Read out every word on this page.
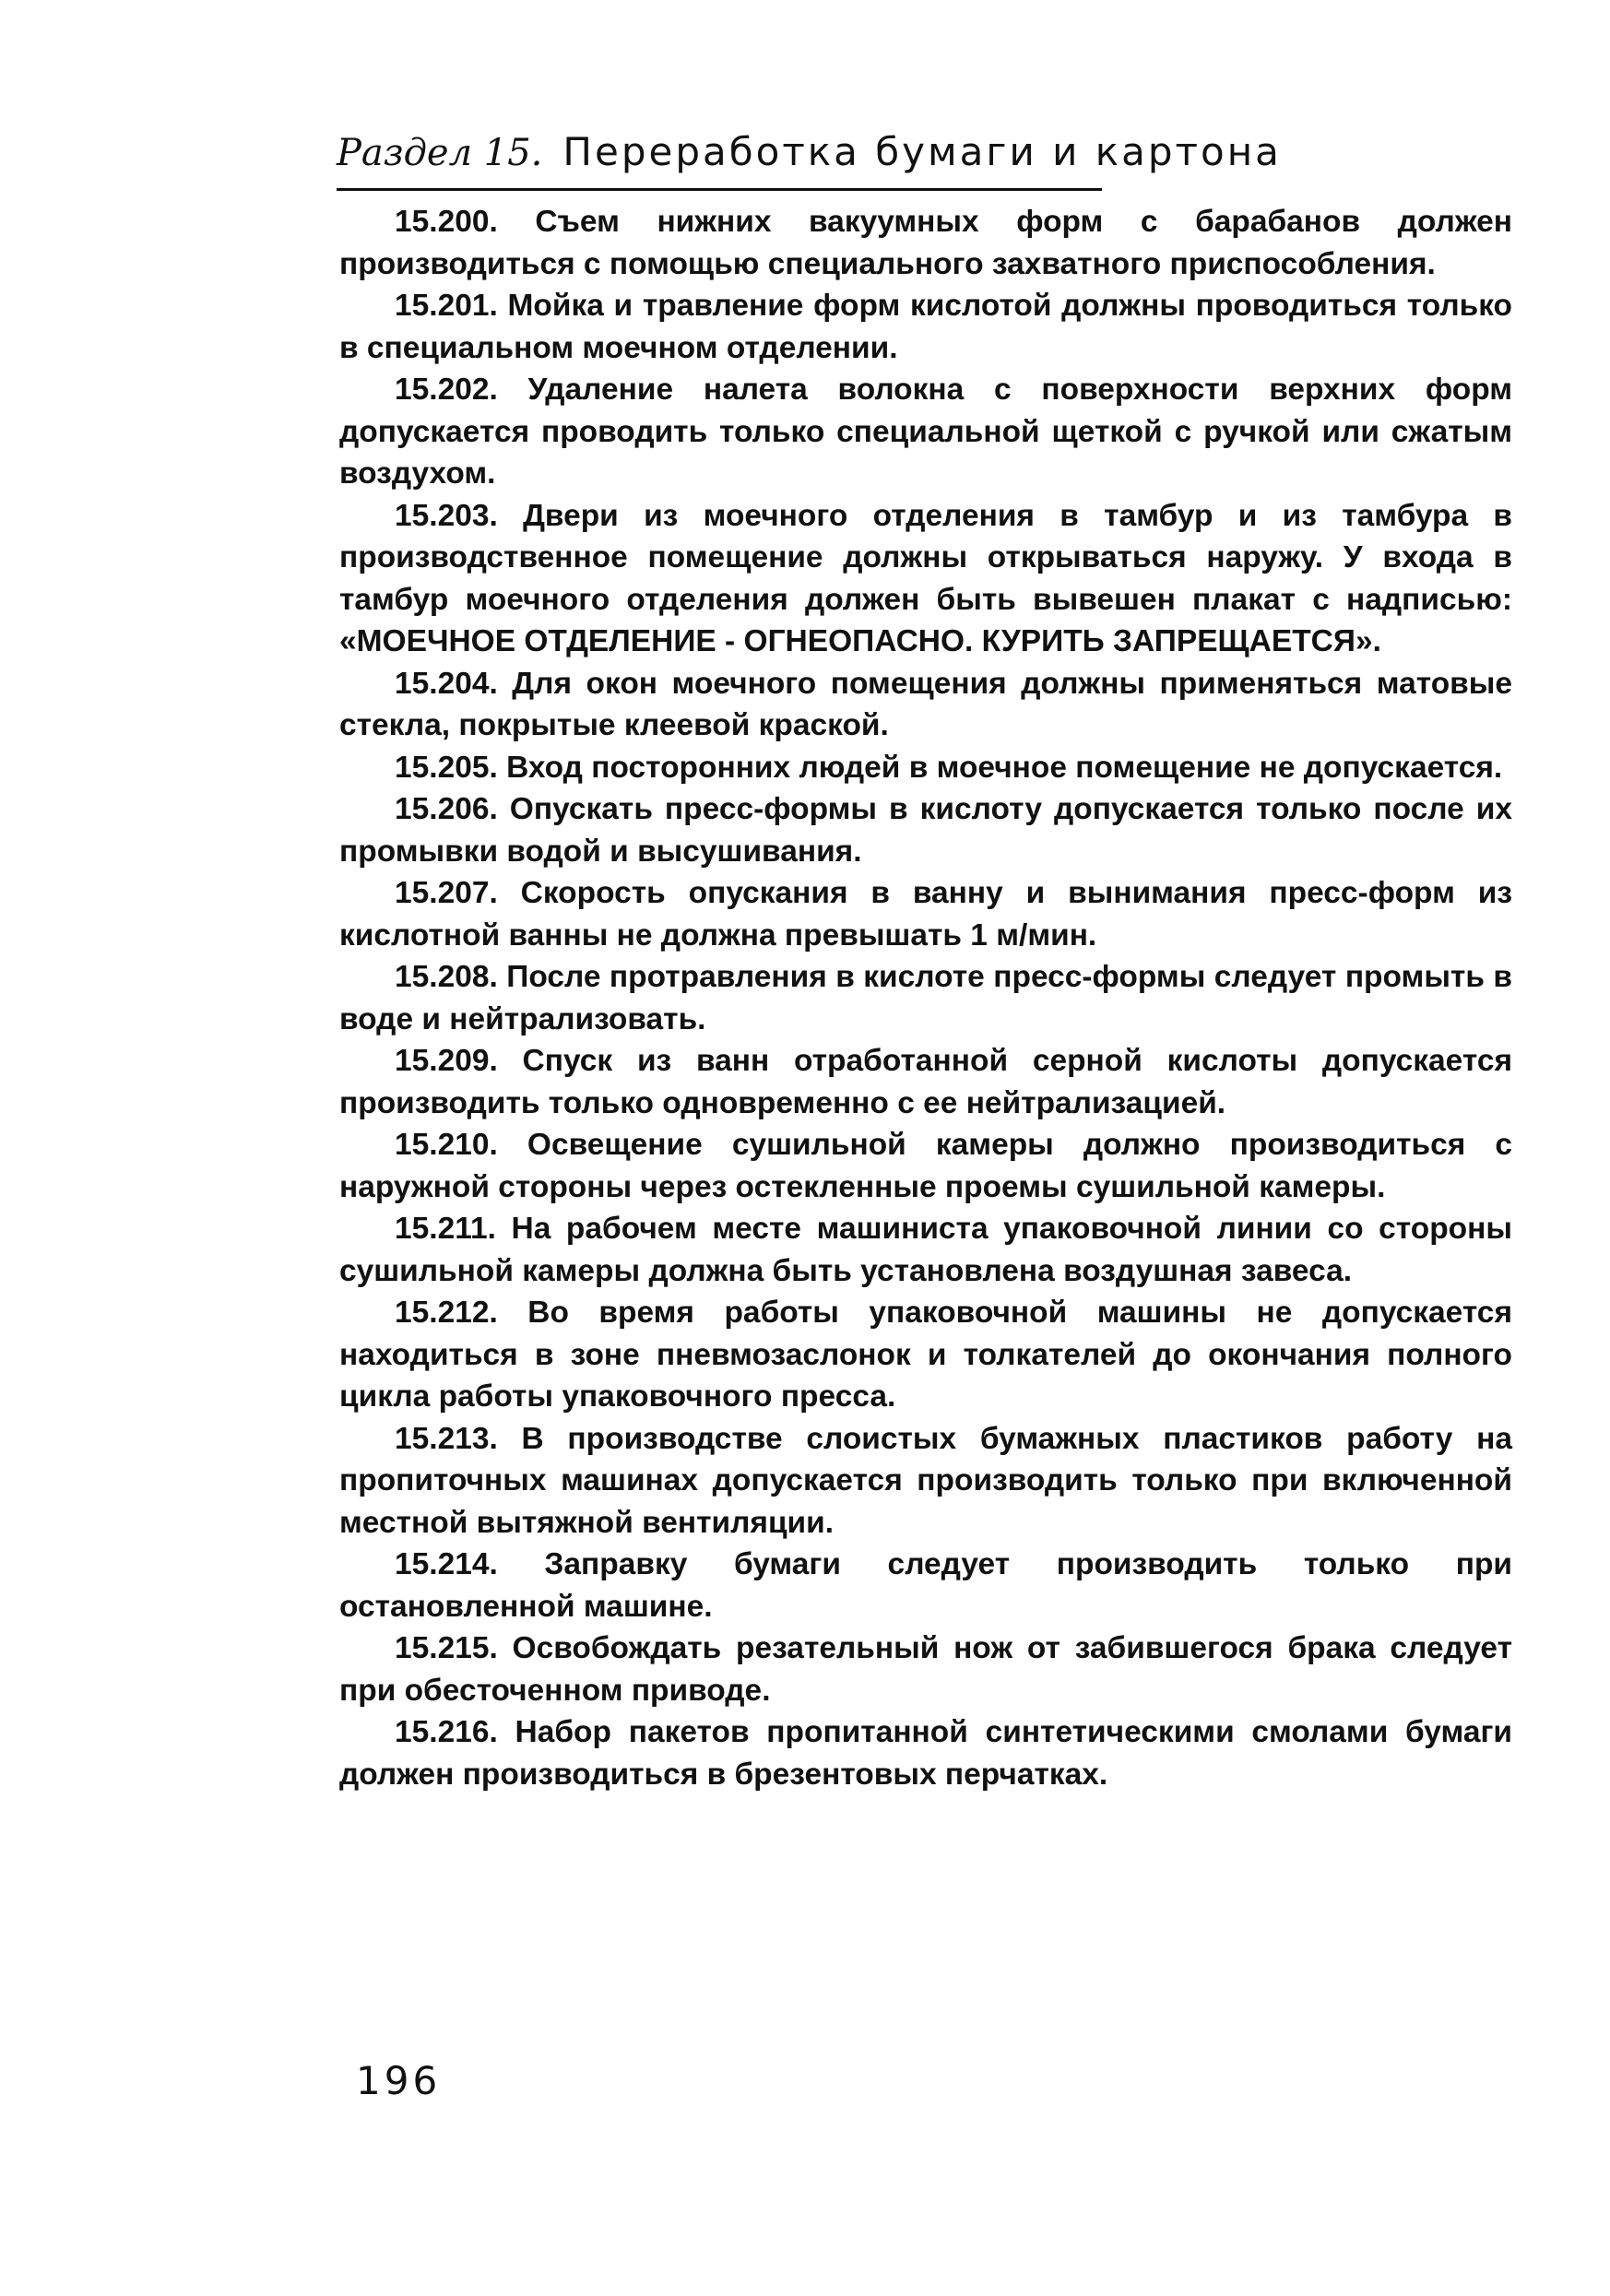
Раздел 15. Переработка бумаги и картона

15.200. Съем нижних вакуумных форм с барабанов должен производиться с помощью специального захватного приспособления.

15.201. Мойка и травление форм кислотой должны проводиться только в специальном моечном отделении.

15.202. Удаление налета волокна с поверхности верхних форм допускается проводить только специальной щеткой с ручкой или сжатым воздухом.

15.203. Двери из моечного отделения в тамбур и из тамбура в производственное помещение должны открываться наружу. У входа в тамбур моечного отделения должен быть вывешен плакат с надписью: «МОЕЧНОЕ ОТДЕЛЕНИЕ - ОГНЕОПАСНО. КУРИТЬ ЗАПРЕЩАЕТСЯ».

15.204. Для окон моечного помещения должны применяться матовые стекла, покрытые клеевой краской.

15.205. Вход посторонних людей в моечное помещение не допускается.

15.206. Опускать пресс-формы в кислоту допускается только после их промывки водой и высушивания.

15.207. Скорость опускания в ванну и вынимания пресс-форм из кислотной ванны не должна превышать 1 м/мин.

15.208. После протравления в кислоте пресс-формы следует промыть в воде и нейтрализовать.

15.209. Спуск из ванн отработанной серной кислоты допускается производить только одновременно с ее нейтрализацией.

15.210. Освещение сушильной камеры должно производиться с наружной стороны через остекленные проемы сушильной камеры.

15.211. На рабочем месте машиниста упаковочной линии со стороны сушильной камеры должна быть установлена воздушная завеса.

15.212. Во время работы упаковочной машины не допускается находиться в зоне пневмозаслонок и толкателей до окончания полного цикла работы упаковочного пресса.

15.213. В производстве слоистых бумажных пластиков работу на пропиточных машинах допускается производить только при включенной местной вытяжной вентиляции.

15.214. Заправку бумаги следует производить только при остановленной машине.

15.215. Освобождать резательный нож от забившегося брака следует при обесточенном приводе.

15.216. Набор пакетов пропитанной синтетическими смолами бумаги должен производиться в брезентовых перчатках.

196
